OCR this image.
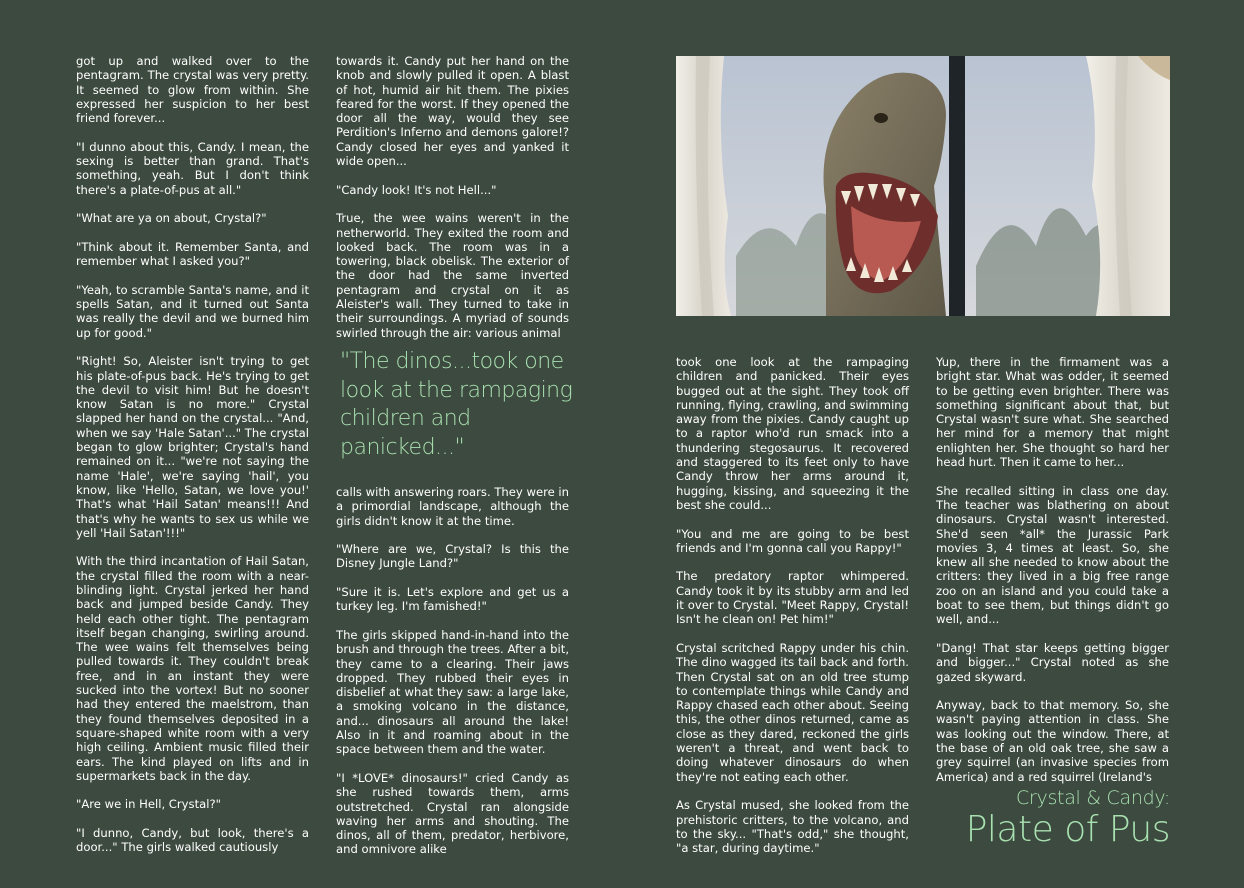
got up and walked over to the pentagram. The crystal was very pretty. It seemed to glow from within. She expressed her suspicion to her best friend forever...

"I dunno about this, Candy. I mean, the sexing is better than grand. That's something, yeah. But I don't think there's a plate-of-pus at all."

"What are ya on about, Crystal?"

"Think about it. Remember Santa, and remember what I asked you?"

"Yeah, to scramble Santa's name, and it spells Satan, and it turned out Santa was really the devil and we burned him up for good."

"Right! So, Aleister isn't trying to get his plate-of-pus back. He's trying to get the devil to visit him! But he doesn't know Satan is no more." Crystal slapped her hand on the crystal... "And, when we say 'Hale Satan'..." The crystal began to glow brighter; Crystal's hand remained on it... "we're not saying the name 'Hale', we're saying 'hail', you know, like 'Hello, Satan, we love you!' That's what 'Hail Satan' means!!! And that's why he wants to sex us while we yell 'Hail Satan'!!!"

With the third incantation of Hail Satan, the crystal filled the room with a near-blinding light. Crystal jerked her hand back and jumped beside Candy. They held each other tight. The pentagram itself began changing, swirling around. The wee wains felt themselves being pulled towards it. They couldn't break free, and in an instant they were sucked into the vortex! But no sooner had they entered the maelstrom, than they found themselves deposited in a square-shaped white room with a very high ceiling. Ambient music filled their ears. The kind played on lifts and in supermarkets back in the day.

"Are we in Hell, Crystal?"

"I dunno, Candy, but look, there's a door..." The girls walked cautiously

towards it. Candy put her hand on the knob and slowly pulled it open. A blast of hot, humid air hit them. The pixies feared for the worst. If they opened the door all the way, would they see Perdition's Inferno and demons galore!? Candy closed her eyes and yanked it wide open...

"Candy look! It's not Hell..."

True, the wee wains weren't in the netherworld. They exited the room and looked back. The room was in a towering, black obelisk. The exterior of the door had the same inverted pentagram and crystal on it as Aleister's wall. They turned to take in their surroundings. A myriad of sounds swirled through the air: various animal

"The dinos...took one look at the rampaging children and panicked..."

calls with answering roars. They were in a primordial landscape, although the girls didn't know it at the time.

"Where are we, Crystal? Is this the Disney Jungle Land?"

"Sure it is. Let's explore and get us a turkey leg. I'm famished!"

The girls skipped hand-in-hand into the brush and through the trees. After a bit, they came to a clearing. Their jaws dropped. They rubbed their eyes in disbelief at what they saw: a large lake, a smoking volcano in the distance, and... dinosaurs all around the lake! Also in it and roaming about in the space between them and the water.

"I *LOVE* dinosaurs!" cried Candy as she rushed towards them, arms outstretched. Crystal ran alongside waving her arms and shouting. The dinos, all of them, predator, herbivore, and omnivore alike

took one look at the rampaging children and panicked. Their eyes bugged out at the sight. They took off running, flying, crawling, and swimming away from the pixies. Candy caught up to a raptor who'd run smack into a thundering stegosaurus. It recovered and staggered to its feet only to have Candy throw her arms around it, hugging, kissing, and squeezing it the best she could...

"You and me are going to be best friends and I'm gonna call you Rappy!"

The predatory raptor whimpered. Candy took it by its stubby arm and led it over to Crystal. "Meet Rappy, Crystal! Isn't he clean on! Pet him!"

Crystal scritched Rappy under his chin. The dino wagged its tail back and forth. Then Crystal sat on an old tree stump to contemplate things while Candy and Rappy chased each other about. Seeing this, the other dinos returned, came as close as they dared, reckoned the girls weren't a threat, and went back to doing whatever dinosaurs do when they're not eating each other.

As Crystal mused, she looked from the prehistoric critters, to the volcano, and to the sky... "That's odd," she thought, "a star, during daytime."

Yup, there in the firmament was a bright star. What was odder, it seemed to be getting even brighter. There was something significant about that, but Crystal wasn't sure what. She searched her mind for a memory that might enlighten her. She thought so hard her head hurt. Then it came to her...

She recalled sitting in class one day. The teacher was blathering on about dinosaurs. Crystal wasn't interested. She'd seen *all* the Jurassic Park movies 3, 4 times at least. So, she knew all she needed to know about the critters: they lived in a big free range zoo on an island and you could take a boat to see them, but things didn't go well, and...

"Dang! That star keeps getting bigger and bigger..." Crystal noted as she gazed skyward.

Anyway, back to that memory. So, she wasn't paying attention in class. She was looking out the window. There, at the base of an old oak tree, she saw a grey squirrel (an invasive species from America) and a red squirrel (Ireland's

Crystal & Candy:
Plate of Pus
